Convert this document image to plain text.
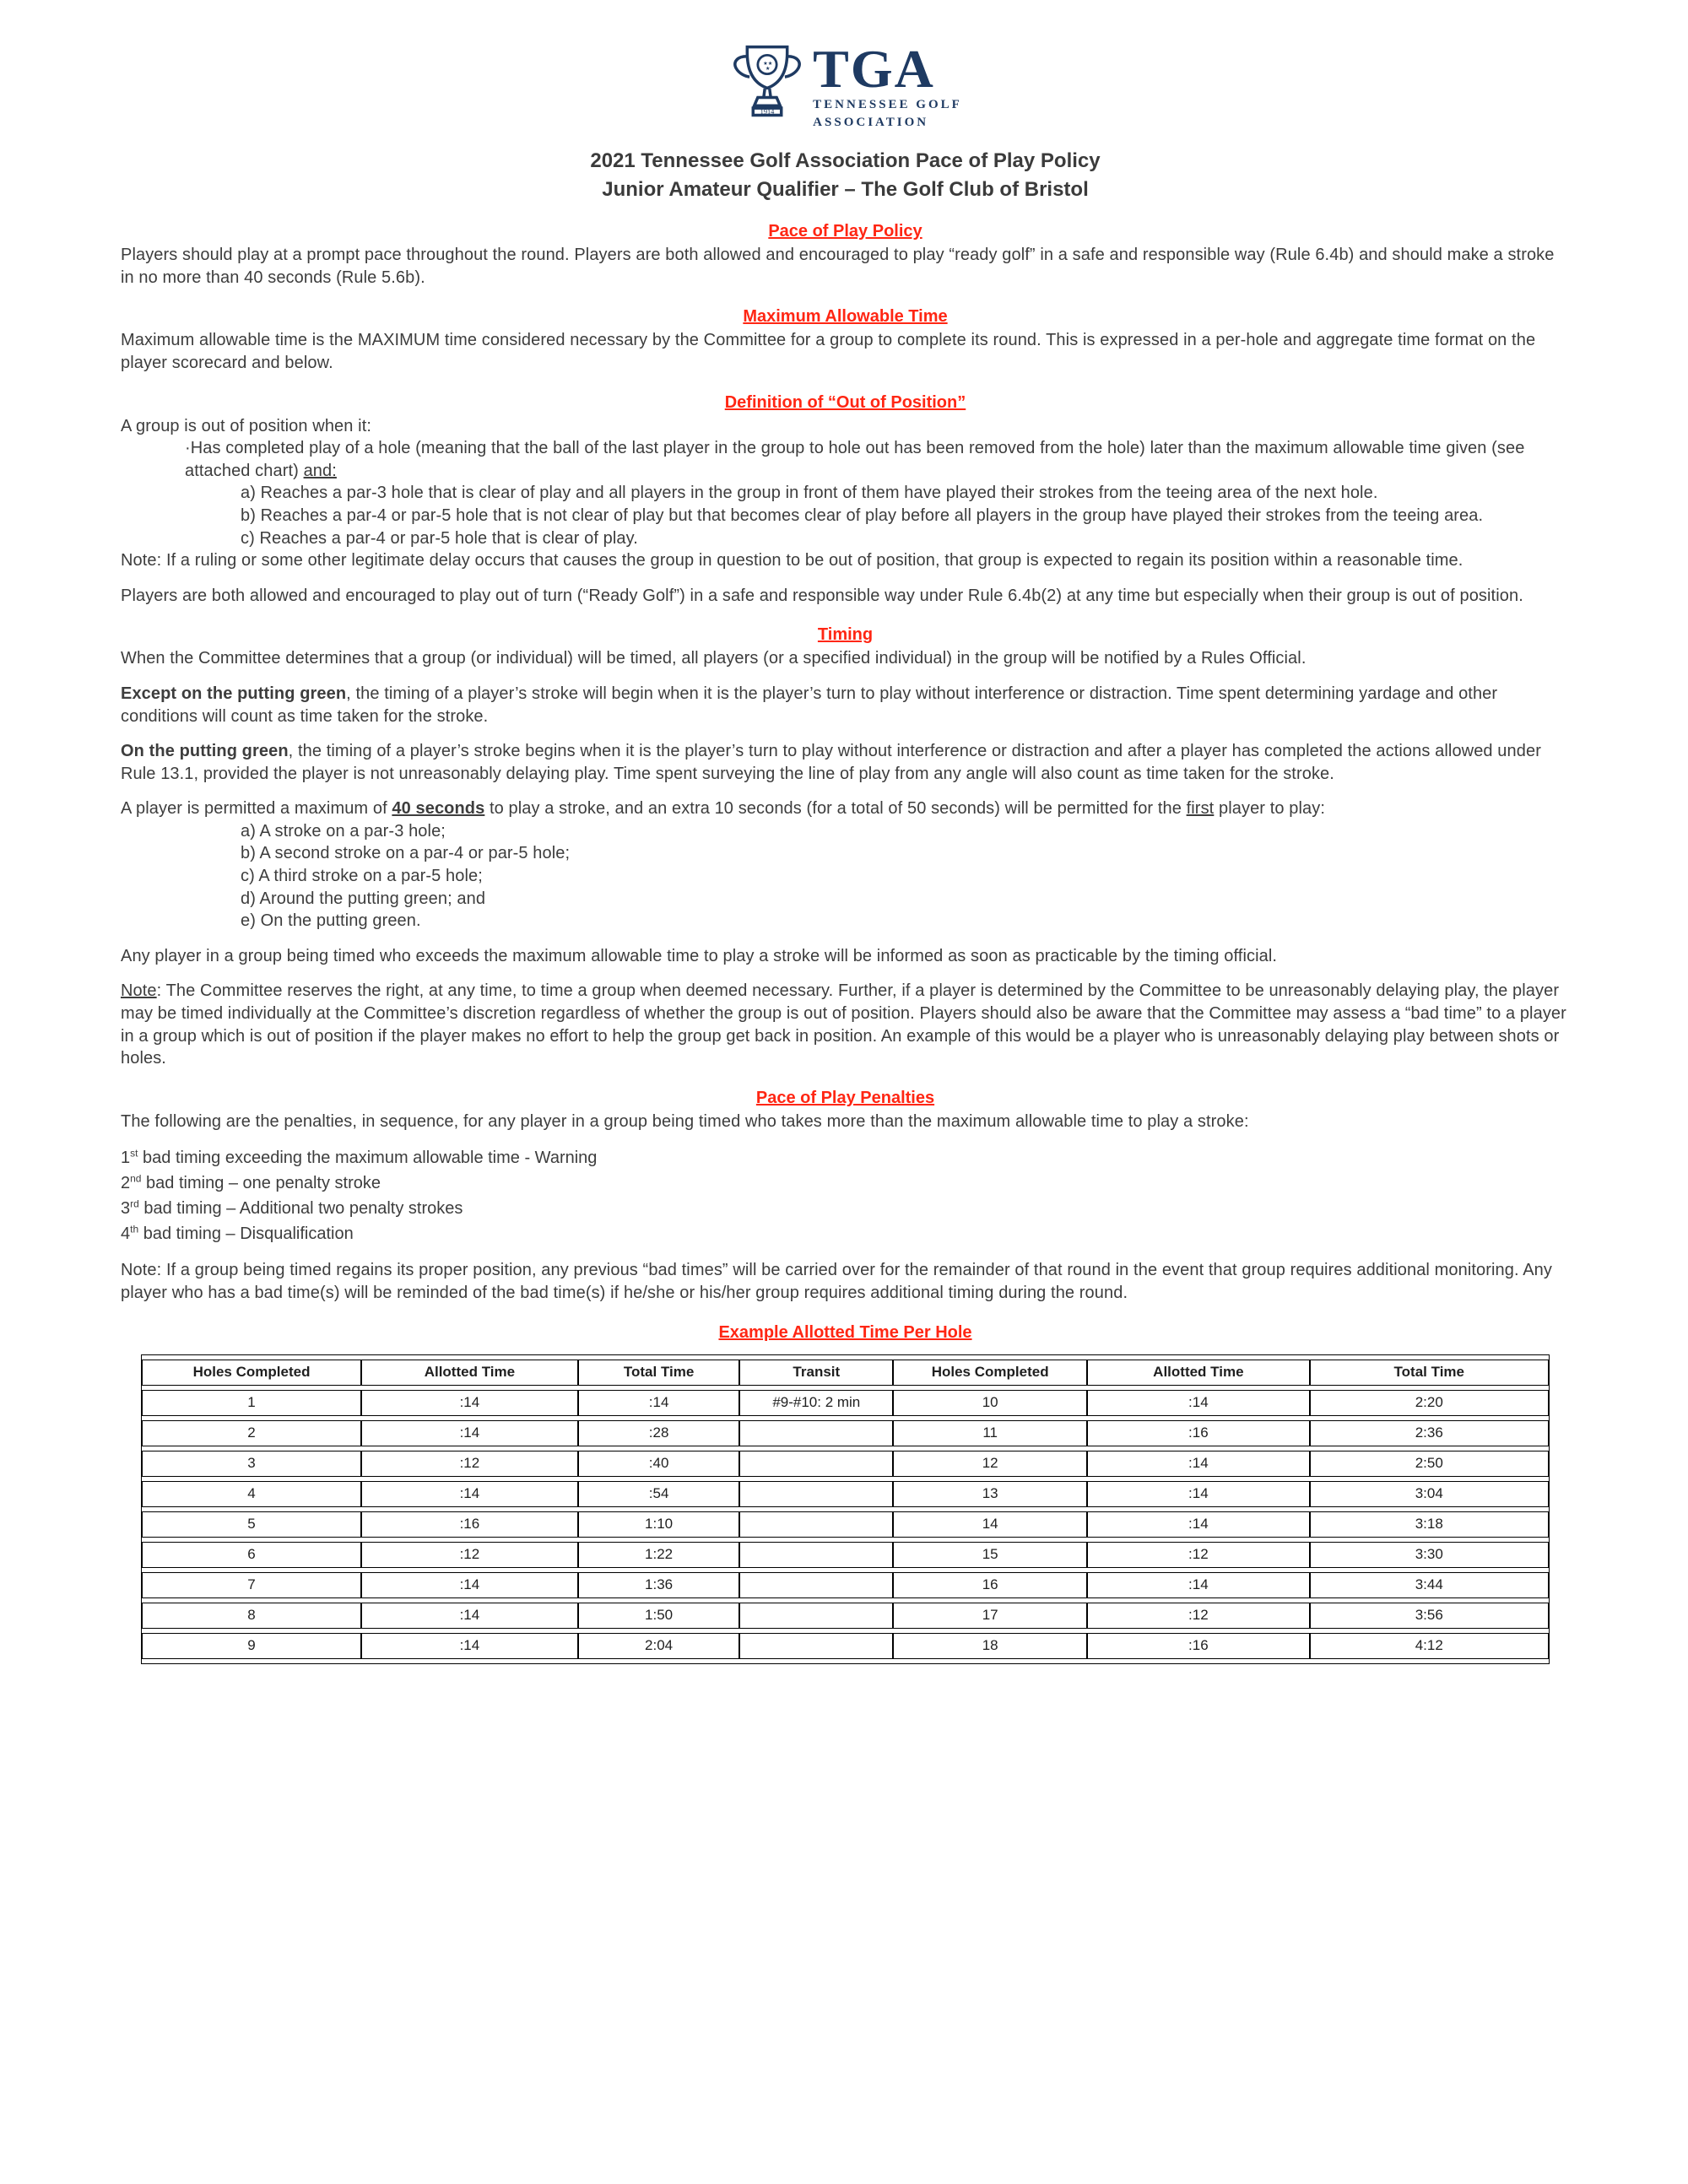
★ ★
★
1914
TGA
TENNESSEE GOLF
ASSOCIATION
2021 Tennessee Golf Association Pace of Play Policy
Junior Amateur Qualifier – The Golf Club of Bristol
Pace of Play Policy

Players should play at a prompt pace throughout the round. Players are both allowed and encouraged to play “ready golf” in a safe and responsible way (Rule 6.4b) and should make a stroke in no more than 40 seconds (Rule 5.6b).

Maximum Allowable Time

Maximum allowable time is the MAXIMUM time considered necessary by the Committee for a group to complete its round. This is expressed in a per-hole and aggregate time format on the player scorecard and below.

Definition of “Out of Position”

A group is out of position when it:

·Has completed play of a hole (meaning that the ball of the last player in the group to hole out has been removed from the hole) later than the maximum allowable time given (see attached chart) and:

a) Reaches a par-3 hole that is clear of play and all players in the group in front of them have played their strokes from the teeing area of the next hole.

b) Reaches a par-4 or par-5 hole that is not clear of play but that becomes clear of play before all players in the group have played their strokes from the teeing area.

c) Reaches a par-4 or par-5 hole that is clear of play.

Note: If a ruling or some other legitimate delay occurs that causes the group in question to be out of position, that group is expected to regain its position within a reasonable time.

Players are both allowed and encouraged to play out of turn (“Ready Golf”) in a safe and responsible way under Rule 6.4b(2) at any time but especially when their group is out of position.

Timing

When the Committee determines that a group (or individual) will be timed, all players (or a specified individual) in the group will be notified by a Rules Official.

Except on the putting green, the timing of a player’s stroke will begin when it is the player’s turn to play without interference or distraction. Time spent determining yardage and other conditions will count as time taken for the stroke.

On the putting green, the timing of a player’s stroke begins when it is the player’s turn to play without interference or distraction and after a player has completed the actions allowed under Rule 13.1, provided the player is not unreasonably delaying play. Time spent surveying the line of play from any angle will also count as time taken for the stroke.

A player is permitted a maximum of 40 seconds to play a stroke, and an extra 10 seconds (for a total of 50 seconds) will be permitted for the first player to play:

a) A stroke on a par-3 hole;
b) A second stroke on a par-4 or par-5 hole;
c) A third stroke on a par-5 hole;
d) Around the putting green; and
e) On the putting green.

Any player in a group being timed who exceeds the maximum allowable time to play a stroke will be informed as soon as practicable by the timing official.

Note: The Committee reserves the right, at any time, to time a group when deemed necessary. Further, if a player is determined by the Committee to be unreasonably delaying play, the player may be timed individually at the Committee’s discretion regardless of whether the group is out of position. Players should also be aware that the Committee may assess a “bad time” to a player in a group which is out of position if the player makes no effort to help the group get back in position. An example of this would be a player who is unreasonably delaying play between shots or holes.

Pace of Play Penalties

The following are the penalties, in sequence, for any player in a group being timed who takes more than the maximum allowable time to play a stroke:

1st bad timing exceeding the maximum allowable time - Warning
2nd bad timing – one penalty stroke
3rd bad timing – Additional two penalty strokes
4th bad timing – Disqualification

Note: If a group being timed regains its proper position, any previous “bad times” will be carried over for the remainder of that round in the event that group requires additional monitoring. Any player who has a bad time(s) will be reminded of the bad time(s) if he/she or his/her group requires additional timing during the round.

Example Allotted Time Per Hole
Holes Completed	Allotted Time	Total Time	Transit	Holes Completed	Allotted Time	Total Time
1	:14	:14	#9-#10: 2 min	10	:14	2:20
2	:14	:28		11	:16	2:36
3	:12	:40		12	:14	2:50
4	:14	:54		13	:14	3:04
5	:16	1:10		14	:14	3:18
6	:12	1:22		15	:12	3:30
7	:14	1:36		16	:14	3:44
8	:14	1:50		17	:12	3:56
9	:14	2:04		18	:16	4:12
